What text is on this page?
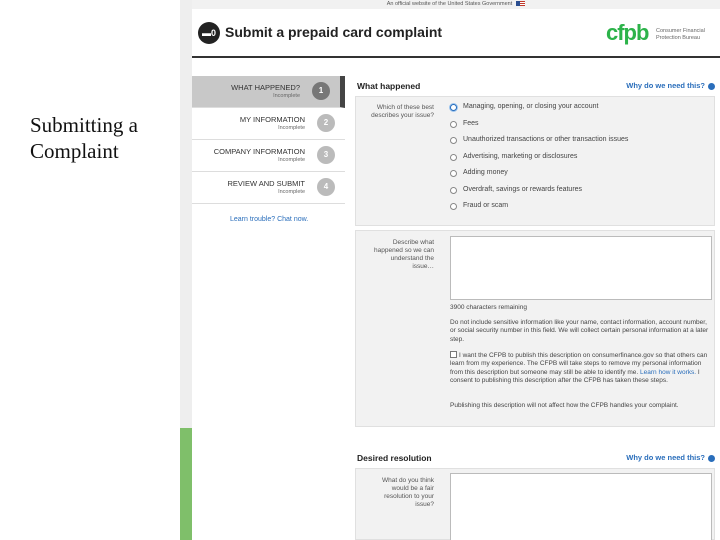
Submitting a Complaint
An official website of the United States Government
▬0 Submit a prepaid card complaint	cfpb Consumer Financial Protection Bureau
WHAT HAPPENED?
Incomplete
1
MY INFORMATION
Incomplete
2
COMPANY INFORMATION
Incomplete
3
REVIEW AND SUBMIT
Incomplete
4
Learn trouble? Chat now.
What happened	Why do we need this?
Which of these best describes your issue?
Managing, opening, or closing your account
Fees
Unauthorized transactions or other transaction issues
Advertising, marketing or disclosures
Adding money
Overdraft, savings or rewards features
Fraud or scam
Describe what happened so we can understand the issue…
3900 characters remaining
Do not include sensitive information like your name, contact information, account number, or social security number in this field. We will collect certain personal information at a later step.
I want the CFPB to publish this description on consumerfinance.gov so that others can learn from my experience. The CFPB will take steps to remove my personal information from this description but someone may still be able to identify me. Learn how it works. I consent to publishing this description after the CFPB has taken these steps.
Publishing this description will not affect how the CFPB handles your complaint.
Desired resolution	Why do we need this?
What do you think would be a fair resolution to your issue?
